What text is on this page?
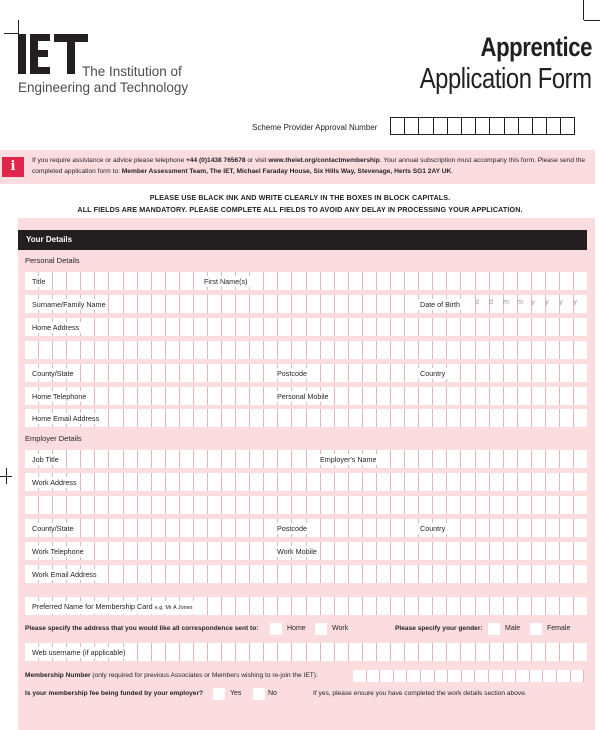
The Institution of
Engineering and Technology
Apprentice
Application Form
Scheme Provider Approval Number
i	If you require assistance or advice please telephone +44 (0)1438 765678 or visit www.theiet.org/contactmembership. Your annual subscription must accompany this form. Please send the completed application form to: Member Assessment Team, The IET, Michael Faraday House, Six Hills Way, Stevenage, Herts SG1 2AY UK.
PLEASE USE BLACK INK AND WRITE CLEARLY IN THE BOXES IN BLOCK CAPITALS.
ALL FIELDS ARE MANDATORY. PLEASE COMPLETE ALL FIELDS TO AVOID ANY DELAY IN PROCESSING YOUR APPLICATION.
Your Details
Personal Details
Title	First Name(s)
Surname/Family Name	Date of Birth d d m m y y y y
Home Address
County/State	Postcode	Country
Home Telephone	Personal Mobile
Home Email Address
Employer Details
Job Title	Employer's Name
Work Address
County/State	Postcode	Country
Work Telephone	Work Mobile
Work Email Address
Preferred Name for Membership Card e.g. Mr A Jones
Please specify the address that you would like all correspondence sent to:	Home	Work	Please specify your gender:	Male	Female
Web username (if applicable)
Membership Number (only required for previous Associates or Members wishing to re-join the IET):
Is your membership fee being funded by your employer?	Yes	No	If yes, please ensure you have completed the work details section above.
